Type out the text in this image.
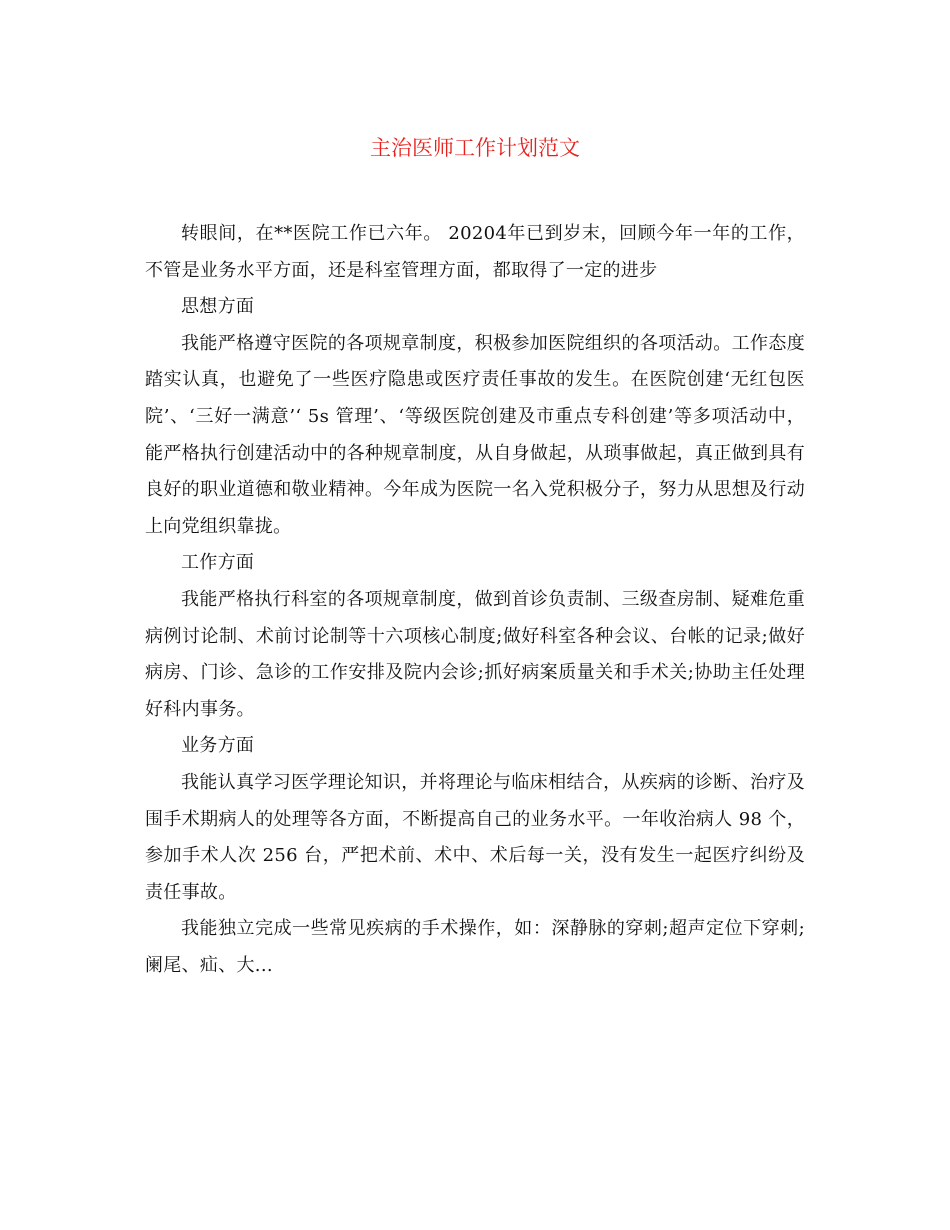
主治医师工作计划范文

转眼间，在**医院工作已六年。 20204年已到岁末，回顾今年一年的工作，不管是业务水平方面，还是科室管理方面，都取得了一定的进步

思想方面

我能严格遵守医院的各项规章制度，积极参加医院组织的各项活动。工作态度踏实认真，也避免了一些医疗隐患或医疗责任事故的发生。在医院创建‘无红包医院’、‘三好一满意’‘ 5s 管理’、‘等级医院创建及市重点专科创建’等多项活动中，能严格执行创建活动中的各种规章制度，从自身做起，从琐事做起，真正做到具有良好的职业道德和敬业精神。今年成为医院一名入党积极分子，努力从思想及行动上向党组织靠拢。

工作方面

我能严格执行科室的各项规章制度，做到首诊负责制、三级查房制、疑难危重病例讨论制、术前讨论制等十六项核心制度;做好科室各种会议、台帐的记录;做好病房、门诊、急诊的工作安排及院内会诊;抓好病案质量关和手术关;协助主任处理好科内事务。

业务方面

我能认真学习医学理论知识，并将理论与临床相结合，从疾病的诊断、治疗及围手术期病人的处理等各方面，不断提高自己的业务水平。一年收治病人 98 个，参加手术人次 256 台，严把术前、术中、术后每一关，没有发生一起医疗纠纷及责任事故。

我能独立完成一些常见疾病的手术操作，如：深静脉的穿刺;超声定位下穿刺;阑尾、疝、大...
